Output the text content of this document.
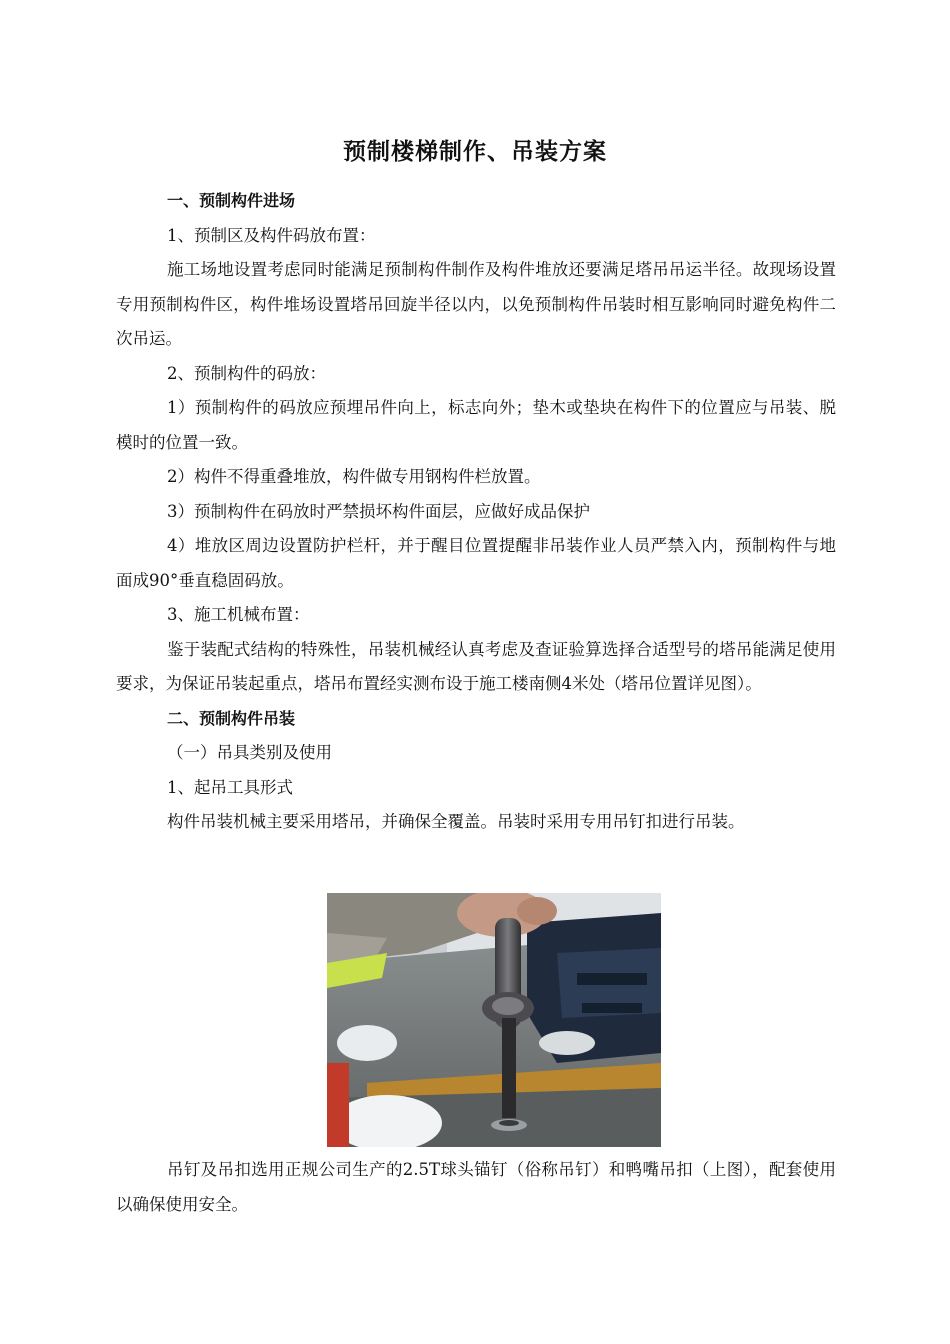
预制楼梯制作、吊装方案

一、预制构件进场

1、预制区及构件码放布置：

施工场地设置考虑同时能满足预制构件制作及构件堆放还要满足塔吊吊运半径。故现场设置专用预制构件区，构件堆场设置塔吊回旋半径以内，以免预制构件吊装时相互影响同时避免构件二次吊运。

2、预制构件的码放：

1）预制构件的码放应预埋吊件向上，标志向外；垫木或垫块在构件下的位置应与吊装、脱模时的位置一致。

2）构件不得重叠堆放，构件做专用钢构件栏放置。

3）预制构件在码放时严禁损坏构件面层，应做好成品保护

4）堆放区周边设置防护栏杆，并于醒目位置提醒非吊装作业人员严禁入内，预制构件与地面成90°垂直稳固码放。

3、施工机械布置：

鉴于装配式结构的特殊性，吊装机械经认真考虑及查证验算选择合适型号的塔吊能满足使用要求，为保证吊装起重点，塔吊布置经实测布设于施工楼南侧4米处（塔吊位置详见图）。

二、预制构件吊装

（一）吊具类别及使用

1、起吊工具形式

构件吊装机械主要采用塔吊，并确保全覆盖。吊装时采用专用吊钉扣进行吊装。

吊钉及吊扣选用正规公司生产的2.5T球头锚钉（俗称吊钉）和鸭嘴吊扣（上图），配套使用以确保使用安全。
